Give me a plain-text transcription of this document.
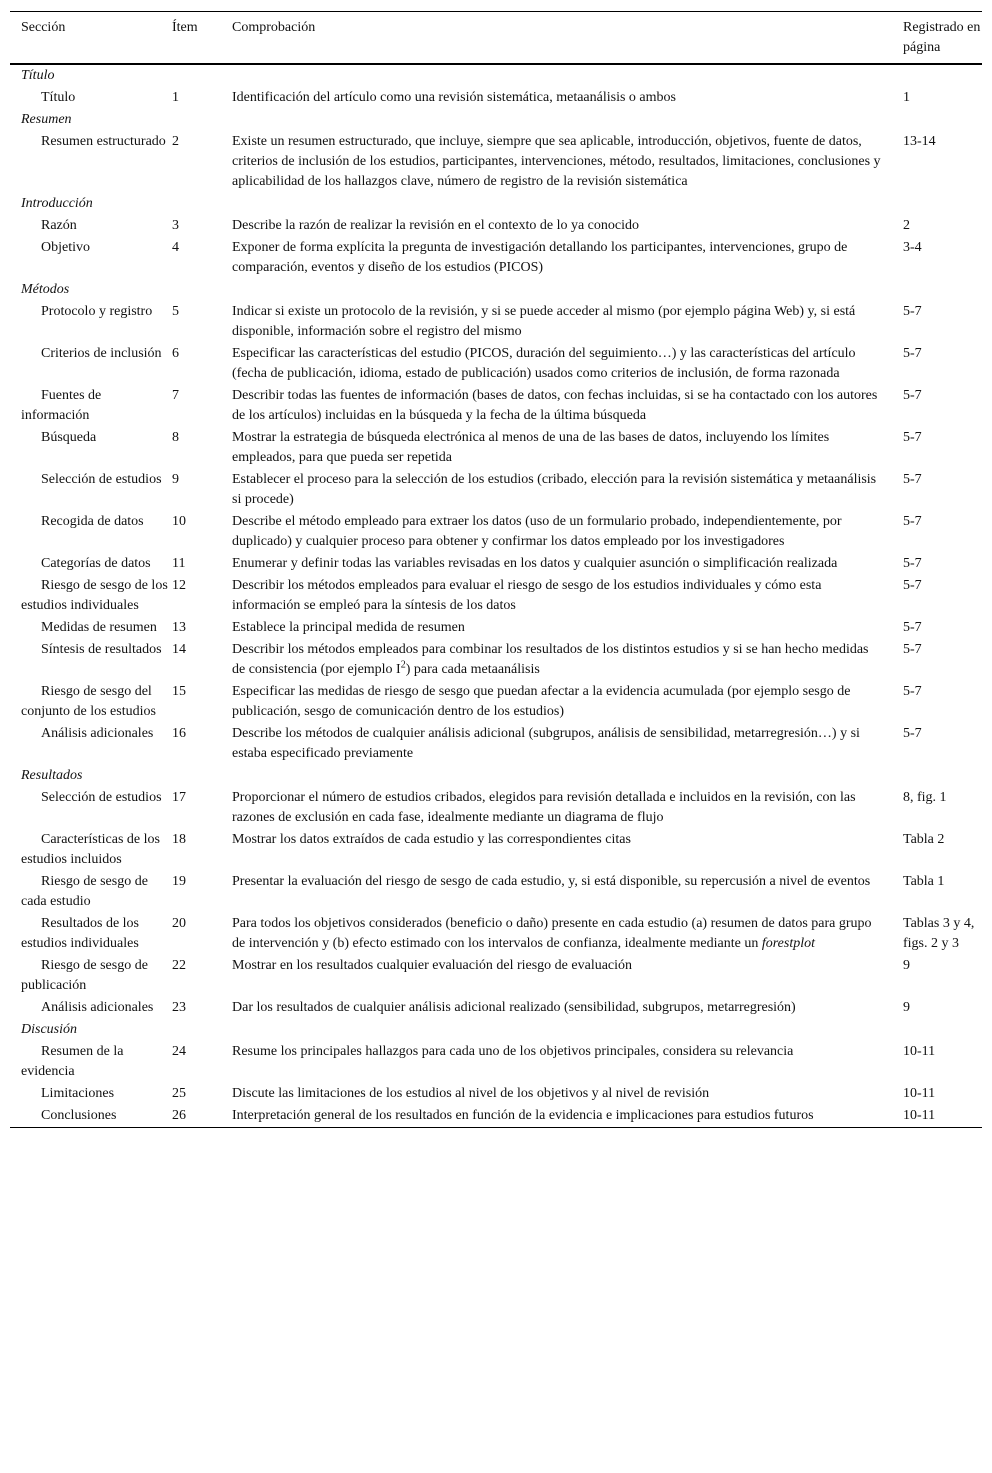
Sección	Ítem	Comprobación	Registrado en página
Título			
Título	1	Identificación del artículo como una revisión sistemática, metaanálisis o ambos	1
Resumen			
Resumen estructurado	2	Existe un resumen estructurado, que incluye, siempre que sea aplicable, introducción, objetivos, fuente de datos, criterios de inclusión de los estudios, participantes, intervenciones, método, resultados, limitaciones, conclusiones y aplicabilidad de los hallazgos clave, número de registro de la revisión sistemática	13-14
Introducción			
Razón	3	Describe la razón de realizar la revisión en el contexto de lo ya conocido	2
Objetivo	4	Exponer de forma explícita la pregunta de investigación detallando los participantes, intervenciones, grupo de comparación, eventos y diseño de los estudios (PICOS)	3-4
Métodos			
Protocolo y registro	5	Indicar si existe un protocolo de la revisión, y si se puede acceder al mismo (por ejemplo página Web) y, si está disponible, información sobre el registro del mismo	5-7
Criterios de inclusión	6	Especificar las características del estudio (PICOS, duración del seguimiento…) y las características del artículo (fecha de publicación, idioma, estado de publicación) usados como criterios de inclusión, de forma razonada	5-7
Fuentes de información	7	Describir todas las fuentes de información (bases de datos, con fechas incluidas, si se ha contactado con los autores de los artículos) incluidas en la búsqueda y la fecha de la última búsqueda	5-7
Búsqueda	8	Mostrar la estrategia de búsqueda electrónica al menos de una de las bases de datos, incluyendo los límites empleados, para que pueda ser repetida	5-7
Selección de estudios	9	Establecer el proceso para la selección de los estudios (cribado, elección para la revisión sistemática y metaanálisis si procede)	5-7
Recogida de datos	10	Describe el método empleado para extraer los datos (uso de un formulario probado, independientemente, por duplicado) y cualquier proceso para obtener y confirmar los datos empleado por los investigadores	5-7
Categorías de datos	11	Enumerar y definir todas las variables revisadas en los datos y cualquier asunción o simplificación realizada	5-7
Riesgo de sesgo de los estudios individuales	12	Describir los métodos empleados para evaluar el riesgo de sesgo de los estudios individuales y cómo esta información se empleó para la síntesis de los datos	5-7
Medidas de resumen	13	Establece la principal medida de resumen	5-7
Síntesis de resultados	14	Describir los métodos empleados para combinar los resultados de los distintos estudios y si se han hecho medidas de consistencia (por ejemplo $I^2$) para cada metaanálisis	5-7
Riesgo de sesgo del conjunto de los estudios	15	Especificar las medidas de riesgo de sesgo que puedan afectar a la evidencia acumulada (por ejemplo sesgo de publicación, sesgo de comunicación dentro de los estudios)	5-7
Análisis adicionales	16	Describe los métodos de cualquier análisis adicional (subgrupos, análisis de sensibilidad, metarregresión…) y si estaba especificado previamente	5-7
Resultados			
Selección de estudios	17	Proporcionar el número de estudios cribados, elegidos para revisión detallada e incluidos en la revisión, con las razones de exclusión en cada fase, idealmente mediante un diagrama de flujo	8, fig. 1
Características de los estudios incluidos	18	Mostrar los datos extraídos de cada estudio y las correspondientes citas	Tabla 2
Riesgo de sesgo de cada estudio	19	Presentar la evaluación del riesgo de sesgo de cada estudio, y, si está disponible, su repercusión a nivel de eventos	Tabla 1
Resultados de los estudios individuales	20	Para todos los objetivos considerados (beneficio o daño) presente en cada estudio (a) resumen de datos para grupo de intervención y (b) efecto estimado con los intervalos de confianza, idealmente mediante un forestplot	Tablas 3 y 4, figs. 2 y 3
Riesgo de sesgo de publicación	22	Mostrar en los resultados cualquier evaluación del riesgo de evaluación	9
Análisis adicionales	23	Dar los resultados de cualquier análisis adicional realizado (sensibilidad, subgrupos, metarregresión)	9
Discusión			
Resumen de la evidencia	24	Resume los principales hallazgos para cada uno de los objetivos principales, considera su relevancia	10-11
Limitaciones	25	Discute las limitaciones de los estudios al nivel de los objetivos y al nivel de revisión	10-11
Conclusiones	26	Interpretación general de los resultados en función de la evidencia e implicaciones para estudios futuros	10-11
